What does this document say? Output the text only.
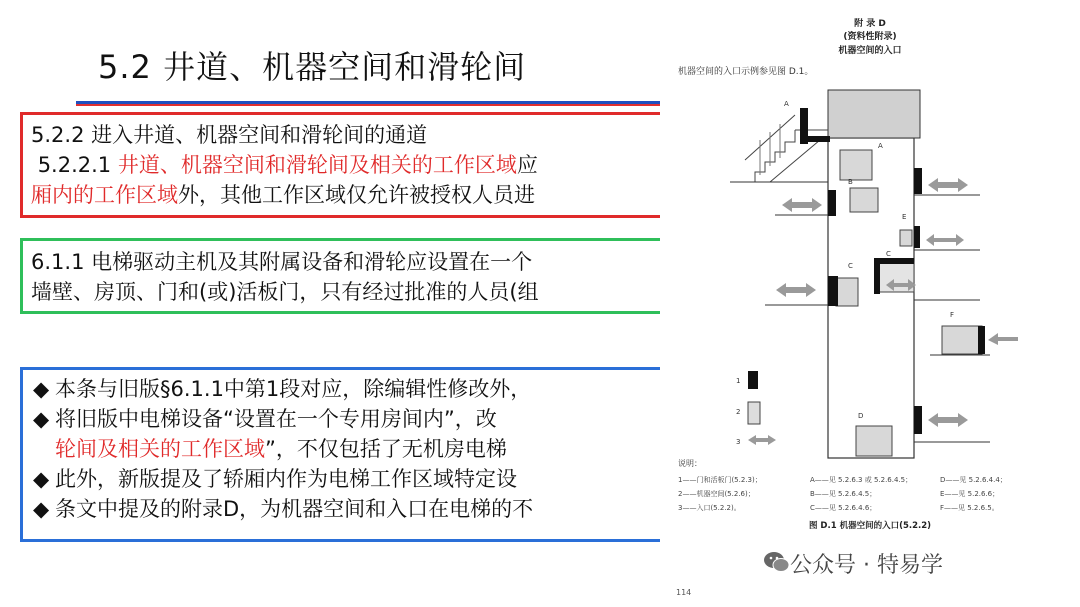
5.2 井道、机器空间和滑轮间
5.2.2 进入井道、机器空间和滑轮间的通道
5.2.2.1 井道、机器空间和滑轮间及相关的工作区域应
厢内的工作区域外，其他工作区域仅允许被授权人员进
6.1.1 电梯驱动主机及其附属设备和滑轮应设置在一个
墙壁、房顶、门和(或)活板门，只有经过批准的人员(组
◆ 本条与旧版§6.1.1中第1段对应，除编辑性修改外，
◆ 将旧版中电梯设备“设置在一个专用房间内”，改
轮间及相关的工作区域”，不仅包括了无机房电梯
◆ 此外，新版提及了轿厢内作为电梯工作区域特定设
◆ 条文中提及的附录D，为机器空间和入口在电梯的不
附 录 D
(资料性附录)
机器空间的入口
机器空间的入口示例参见图 D.1。
A
A
B
E
C
C
F
D
1
2
3
说明：
1——门和活板门(5.2.3)；	A——见 5.2.6.3 或 5.2.6.4.5；	D——见 5.2.6.4.4；
2——机器空间(5.2.6)；	B——见 5.2.6.4.5；	E——见 5.2.6.6；
3——入口(5.2.2)。	C——见 5.2.6.4.6；	F——见 5.2.6.5。
图 D.1 机器空间的入口(5.2.2)
114
公众号 · 特易学
